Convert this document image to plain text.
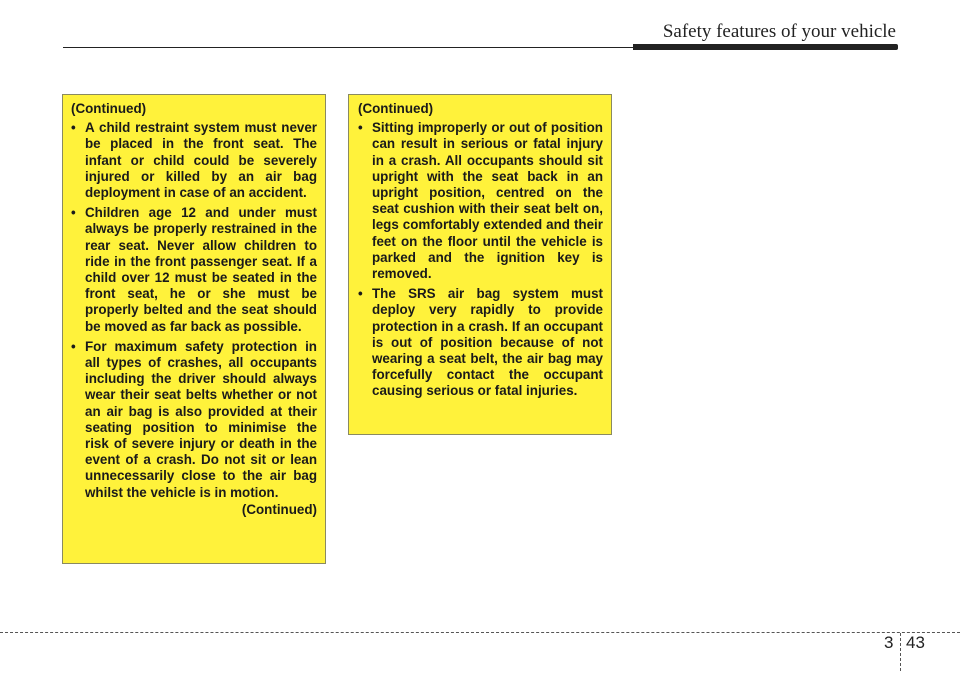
Safety features of your vehicle
(Continued)
• A child restraint system must never be placed in the front seat. The infant or child could be severely injured or killed by an air bag deployment in case of an accident.
• Children age 12 and under must always be properly restrained in the rear seat. Never allow children to ride in the front passenger seat. If a child over 12 must be seated in the front seat, he or she must be properly belted and the seat should be moved as far back as possible.
• For maximum safety protection in all types of crashes, all occupants including the driver should always wear their seat belts whether or not an air bag is also provided at their seating position to minimise the risk of severe injury or death in the event of a crash. Do not sit or lean unnecessarily close to the air bag whilst the vehicle is in motion.
(Continued)
(Continued)
• Sitting improperly or out of position can result in serious or fatal injury in a crash. All occupants should sit upright with the seat back in an upright position, centred on the seat cushion with their seat belt on, legs comfortably extended and their feet on the floor until the vehicle is parked and the ignition key is removed.
• The SRS air bag system must deploy very rapidly to provide protection in a crash. If an occupant is out of position because of not wearing a seat belt, the air bag may forcefully contact the occupant causing serious or fatal injuries.
3 43
